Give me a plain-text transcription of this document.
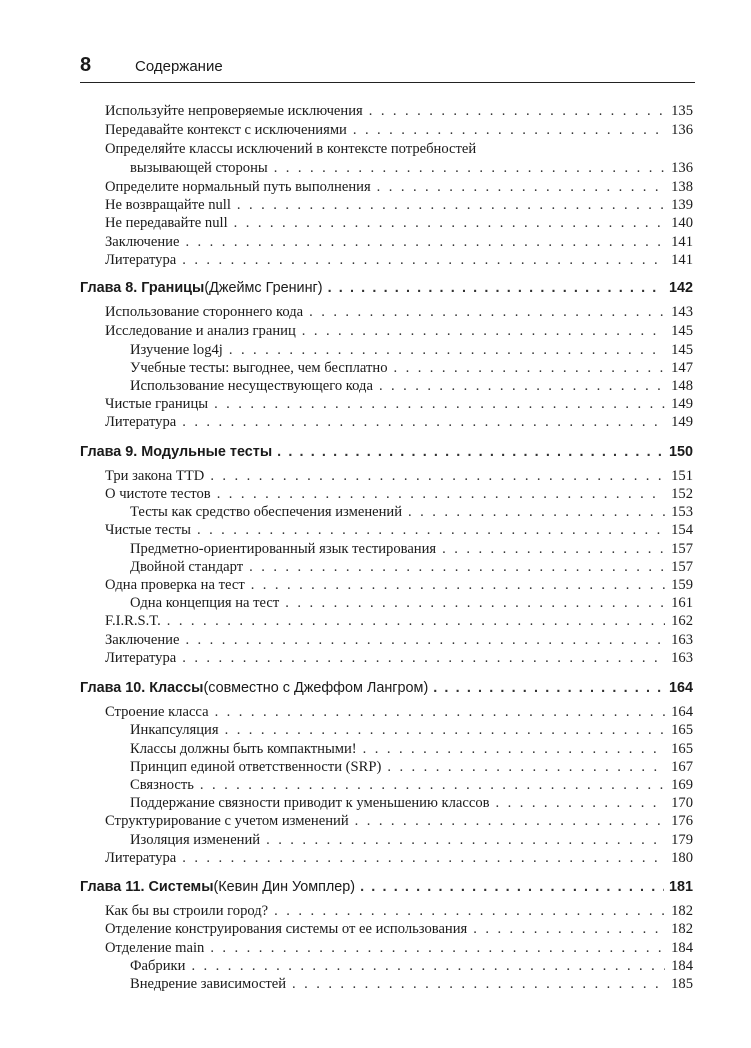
8	Содержание
Используйте непроверяемые исключения . . .	135
Передавайте контекст с исключениями . . .	136
Определяйте классы исключений в контексте потребностей
вызывающей стороны . . .	136
Определите нормальный путь выполнения . . .	138
Не возвращайте null . . .	139
Не передавайте null . . .	140
Заключение . . .	141
Литература . . .	141
Глава 8. Границы (Джеймс Гренинг) . . .	142
Использование стороннего кода . . .	143
Исследование и анализ границ . . .	145
Изучение log4j . . .	145
Учебные тесты: выгоднее, чем бесплатно . . .	147
Использование несуществующего кода . . .	148
Чистые границы . . .	149
Литература . . .	149
Глава 9. Модульные тесты . . .	150
Три закона TTD . . .	151
О чистоте тестов . . .	152
Тесты как средство обеспечения изменений . . .	153
Чистые тесты . . .	154
Предметно-ориентированный язык тестирования . . .	157
Двойной стандарт . . .	157
Одна проверка на тест . . .	159
Одна концепция на тест . . .	161
F.I.R.S.T. . . .	162
Заключение . . .	163
Литература . . .	163
Глава 10. Классы (совместно с Джеффом Лангром) . . .	164
Строение класса . . .	164
Инкапсуляция . . .	165
Классы должны быть компактными! . . .	165
Принцип единой ответственности (SRP) . . .	167
Связность . . .	169
Поддержание связности приводит к уменьшению классов . . .	170
Структурирование с учетом изменений . . .	176
Изоляция изменений . . .	179
Литература . . .	180
Глава 11. Системы (Кевин Дин Уомплер) . . .	181
Как бы вы строили город? . . .	182
Отделение конструирования системы от ее использования . . .	182
Отделение main . . .	184
Фабрики . . .	184
Внедрение зависимостей . . .	185
